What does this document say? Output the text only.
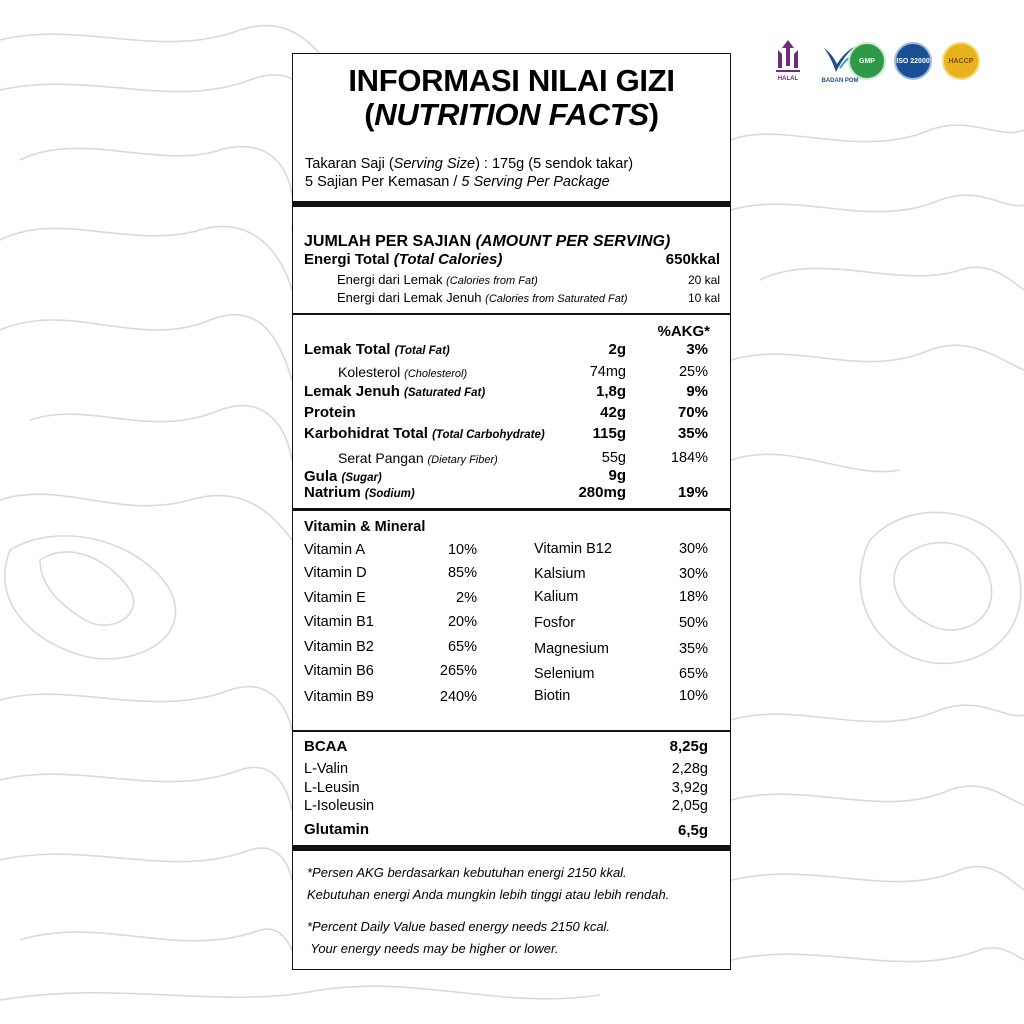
HALAL	BADAN POM
GMP	ISO 22000	HACCP
INFORMASI NILAI GIZI
(NUTRITION FACTS)
Takaran Saji (Serving Size) : 175g (5 sendok takar)
5 Sajian Per Kemasan / 5 Serving Per Package
JUMLAH PER SAJIAN (AMOUNT PER SERVING)
Energi Total (Total Calories)	650kkal
Energi dari Lemak (Calories from Fat)	20 kal
Energi dari Lemak Jenuh (Calories from Saturated Fat)	10 kal
%AKG*
Lemak Total (Total Fat)	2g	3%
Kolesterol (Cholesterol)	74mg	25%
Lemak Jenuh (Saturated Fat)	1,8g	9%
Protein	42g	70%
Karbohidrat Total (Total Carbohydrate)	115g	35%
Serat Pangan (Dietary Fiber)	55g	184%
Gula (Sugar)	9g
Natrium (Sodium)	280mg	19%
Vitamin & Mineral
Vitamin A	10%
Vitamin D	85%
Vitamin E	2%
Vitamin B1	20%
Vitamin B2	65%
Vitamin B6	265%
Vitamin B9	240%
Vitamin B12	30%
Kalsium	30%
Kalium	18%
Fosfor	50%
Magnesium	35%
Selenium	65%
Biotin	10%
BCAA	8,25g
L-Valin	2,28g
L-Leusin	3,92g
L-Isoleusin	2,05g
Glutamin	6,5g
*Persen AKG berdasarkan kebutuhan energi 2150 kkal.
Kebutuhan energi Anda mungkin lebih tinggi atau lebih rendah.
*Percent Daily Value based energy needs 2150 kcal.
Your energy needs may be higher or lower.
